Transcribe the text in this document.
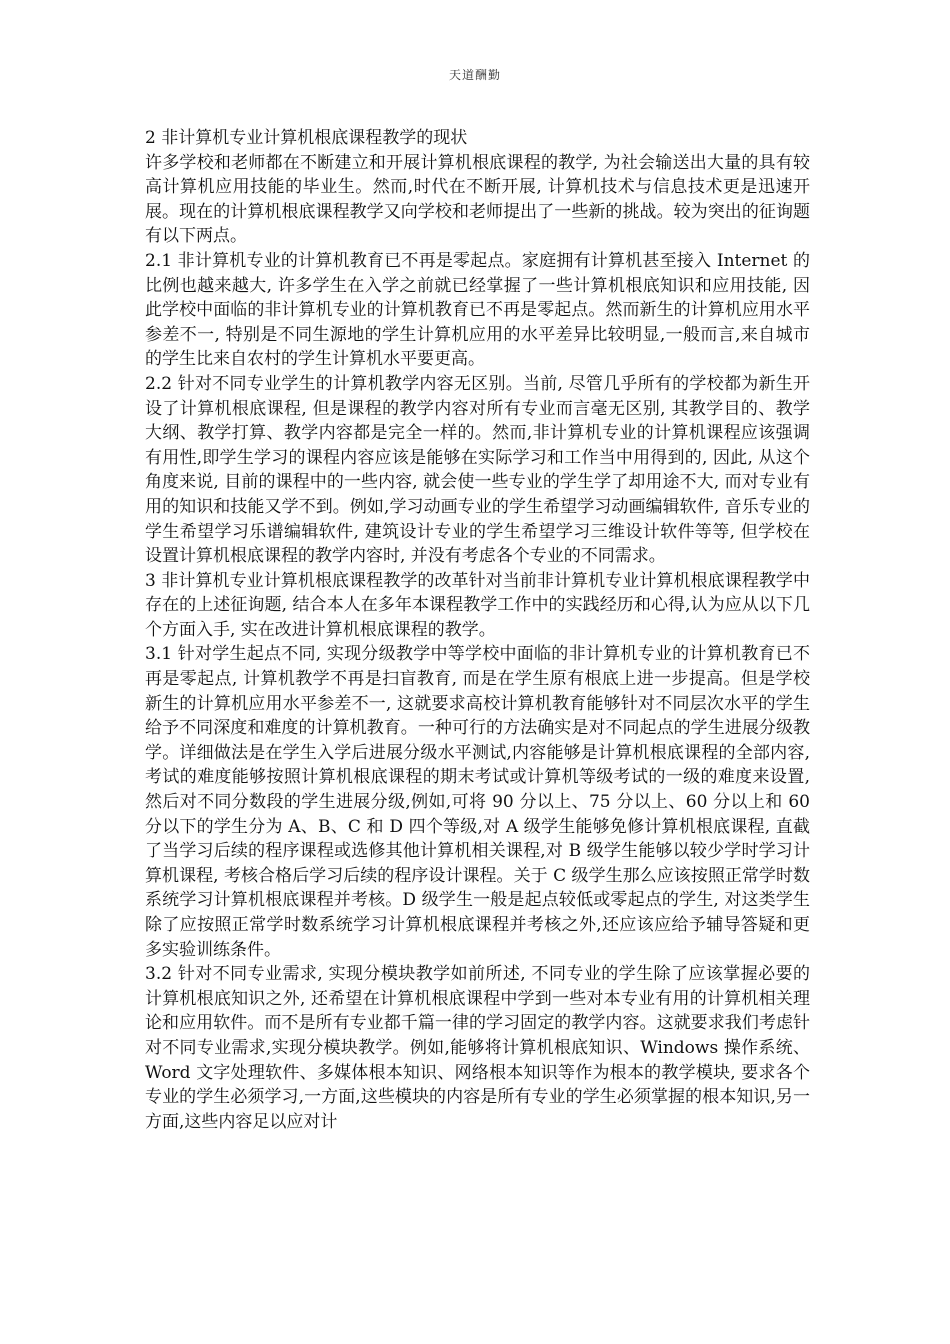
天道酬勤

2 非计算机专业计算机根底课程教学的现状

许多学校和老师都在不断建立和开展计算机根底课程的教学, 为社会输送出大量的具有较高计算机应用技能的毕业生。然而,时代在不断开展, 计算机技术与信息技术更是迅速开展。现在的计算机根底课程教学又向学校和老师提出了一些新的挑战。较为突出的征询题有以下两点。

2.1 非计算机专业的计算机教育已不再是零起点。家庭拥有计算机甚至接入 Internet 的比例也越来越大, 许多学生在入学之前就已经掌握了一些计算机根底知识和应用技能, 因此学校中面临的非计算机专业的计算机教育已不再是零起点。然而新生的计算机应用水平参差不一, 特别是不同生源地的学生计算机应用的水平差异比较明显,一般而言,来自城市的学生比来自农村的学生计算机水平要更高。

2.2 针对不同专业学生的计算机教学内容无区别。当前, 尽管几乎所有的学校都为新生开设了计算机根底课程, 但是课程的教学内容对所有专业而言毫无区别, 其教学目的、教学大纲、教学打算、教学内容都是完全一样的。然而,非计算机专业的计算机课程应该强调有用性,即学生学习的课程内容应该是能够在实际学习和工作当中用得到的, 因此, 从这个角度来说, 目前的课程中的一些内容, 就会使一些专业的学生学了却用途不大, 而对专业有用的知识和技能又学不到。例如,学习动画专业的学生希望学习动画编辑软件, 音乐专业的学生希望学习乐谱编辑软件, 建筑设计专业的学生希望学习三维设计软件等等, 但学校在设置计算机根底课程的教学内容时, 并没有考虑各个专业的不同需求。

3 非计算机专业计算机根底课程教学的改革针对当前非计算机专业计算机根底课程教学中存在的上述征询题, 结合本人在多年本课程教学工作中的实践经历和心得,认为应从以下几个方面入手, 实在改进计算机根底课程的教学。

3.1 针对学生起点不同, 实现分级教学中等学校中面临的非计算机专业的计算机教育已不再是零起点, 计算机教学不再是扫盲教育, 而是在学生原有根底上进一步提高。但是学校新生的计算机应用水平参差不一, 这就要求高校计算机教育能够针对不同层次水平的学生给予不同深度和难度的计算机教育。一种可行的方法确实是对不同起点的学生进展分级教学。详细做法是在学生入学后进展分级水平测试,内容能够是计算机根底课程的全部内容, 考试的难度能够按照计算机根底课程的期末考试或计算机等级考试的一级的难度来设置, 然后对不同分数段的学生进展分级,例如,可将 90 分以上、75 分以上、60 分以上和 60 分以下的学生分为 A、B、C 和 D 四个等级,对 A 级学生能够免修计算机根底课程, 直截了当学习后续的程序课程或选修其他计算机相关课程,对 B 级学生能够以较少学时学习计算机课程, 考核合格后学习后续的程序设计课程。关于 C 级学生那么应该按照正常学时数系统学习计算机根底课程并考核。D 级学生一般是起点较低或零起点的学生, 对这类学生除了应按照正常学时数系统学习计算机根底课程并考核之外,还应该应给予辅导答疑和更多实验训练条件。

3.2 针对不同专业需求, 实现分模块教学如前所述, 不同专业的学生除了应该掌握必要的计算机根底知识之外, 还希望在计算机根底课程中学到一些对本专业有用的计算机相关理论和应用软件。而不是所有专业都千篇一律的学习固定的教学内容。这就要求我们考虑针对不同专业需求,实现分模块教学。例如,能够将计算机根底知识、Windows 操作系统、Word 文字处理软件、多媒体根本知识、网络根本知识等作为根本的教学模块, 要求各个专业的学生必须学习,一方面,这些模块的内容是所有专业的学生必须掌握的根本知识,另一方面,这些内容足以应对计
